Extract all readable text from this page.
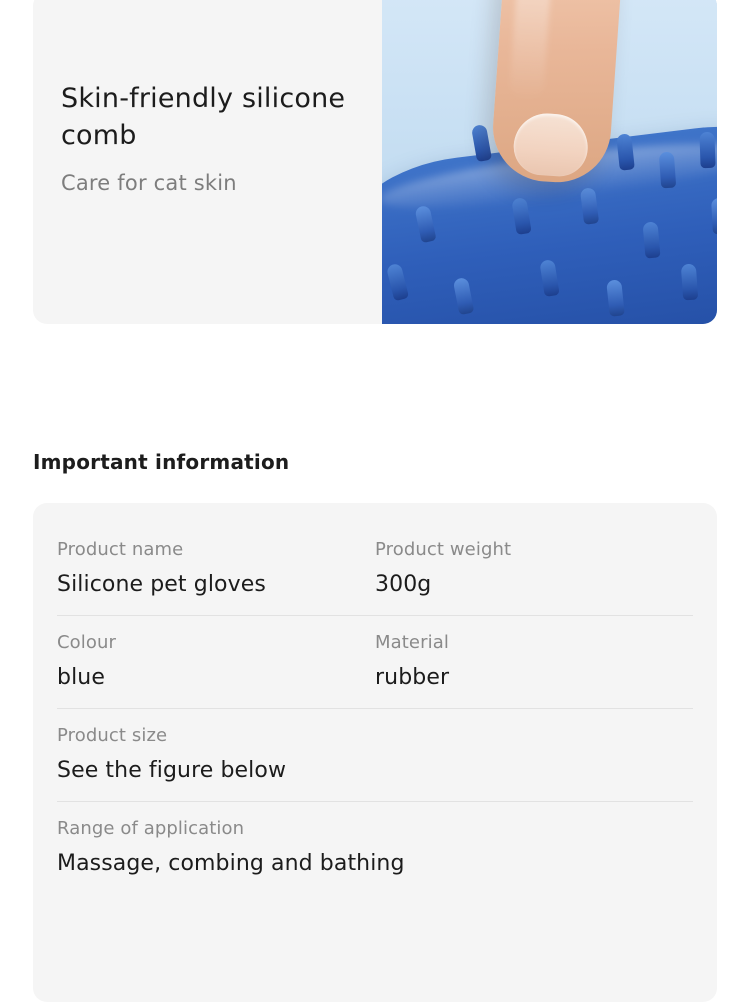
Skin-friendly silicone comb
Care for cat skin
Important information
Product name
Silicone pet gloves
Product weight
300g
Colour
blue
Material
rubber
Product size
See the figure below
Range of application
Massage, combing and bathing
